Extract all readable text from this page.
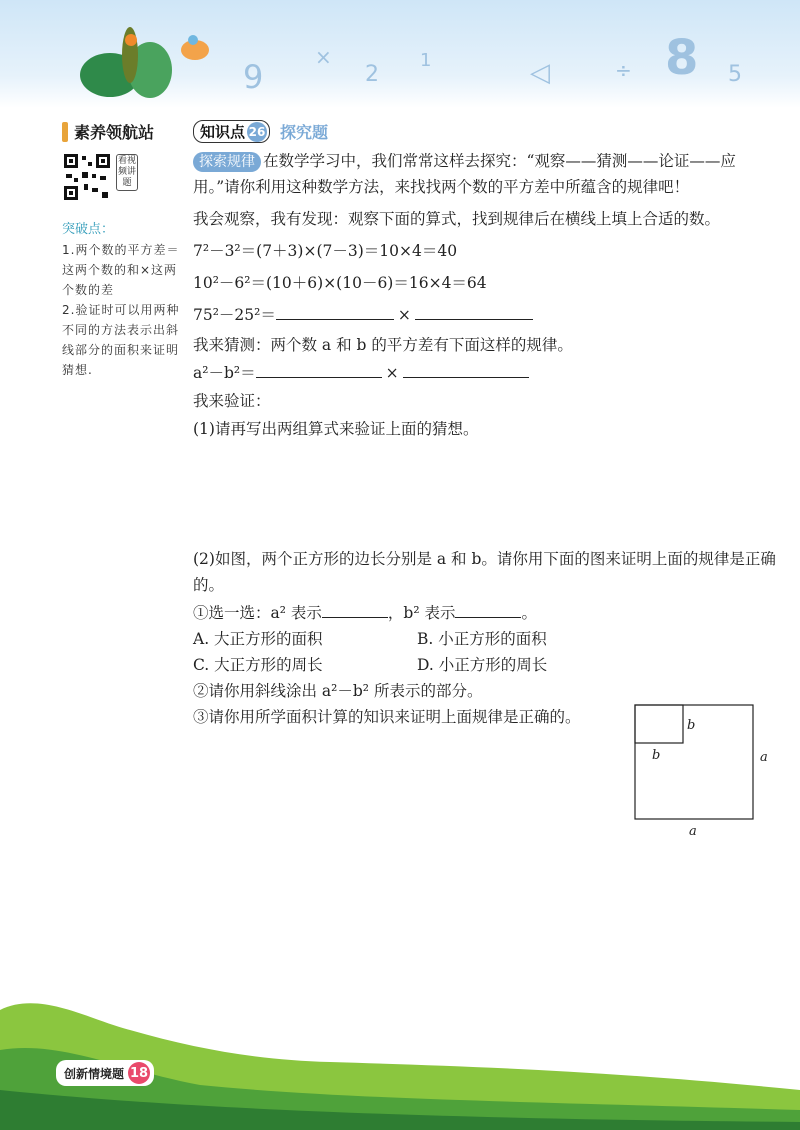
9
×
2
1	◁	÷ 8 5
素养领航站
看视频讲题
突破点：

1.两个数的平方差＝这两个数的和×这两个数的差

2.验证时可以用两种不同的方法表示出斜线部分的面积来证明猜想.

知识点 26 探究题

探索规律 在数学学习中，我们常常这样去探究：“观察——猜测——论证——应用。”请你利用这种数学方法，来找找两个数的平方差中所蕴含的规律吧！

我会观察，我有发现：观察下面的算式，找到规律后在横线上填上合适的数。

7²－3²＝(7＋3)×(7－3)＝10×4＝40

10²－6²＝(10＋6)×(10－6)＝16×4＝64

75²－25²＝	×

我来猜测：两个数 a 和 b 的平方差有下面这样的规律。

a²－b²＝	×

我来验证：

(1)请再写出两组算式来验证上面的猜想。

(2)如图，两个正方形的边长分别是 a 和 b。请你用下面的图来证明上面的规律是正确的。

①选一选：a² 表示	，b² 表示	。

A. 大正方形的面积	B. 小正方形的面积

C. 大正方形的周长	D. 小正方形的周长

②请你用斜线涂出 a²－b² 所表示的部分。

③请你用所学面积计算的知识来证明上面规律是正确的。	b
b	a
a
创新情境题 18
